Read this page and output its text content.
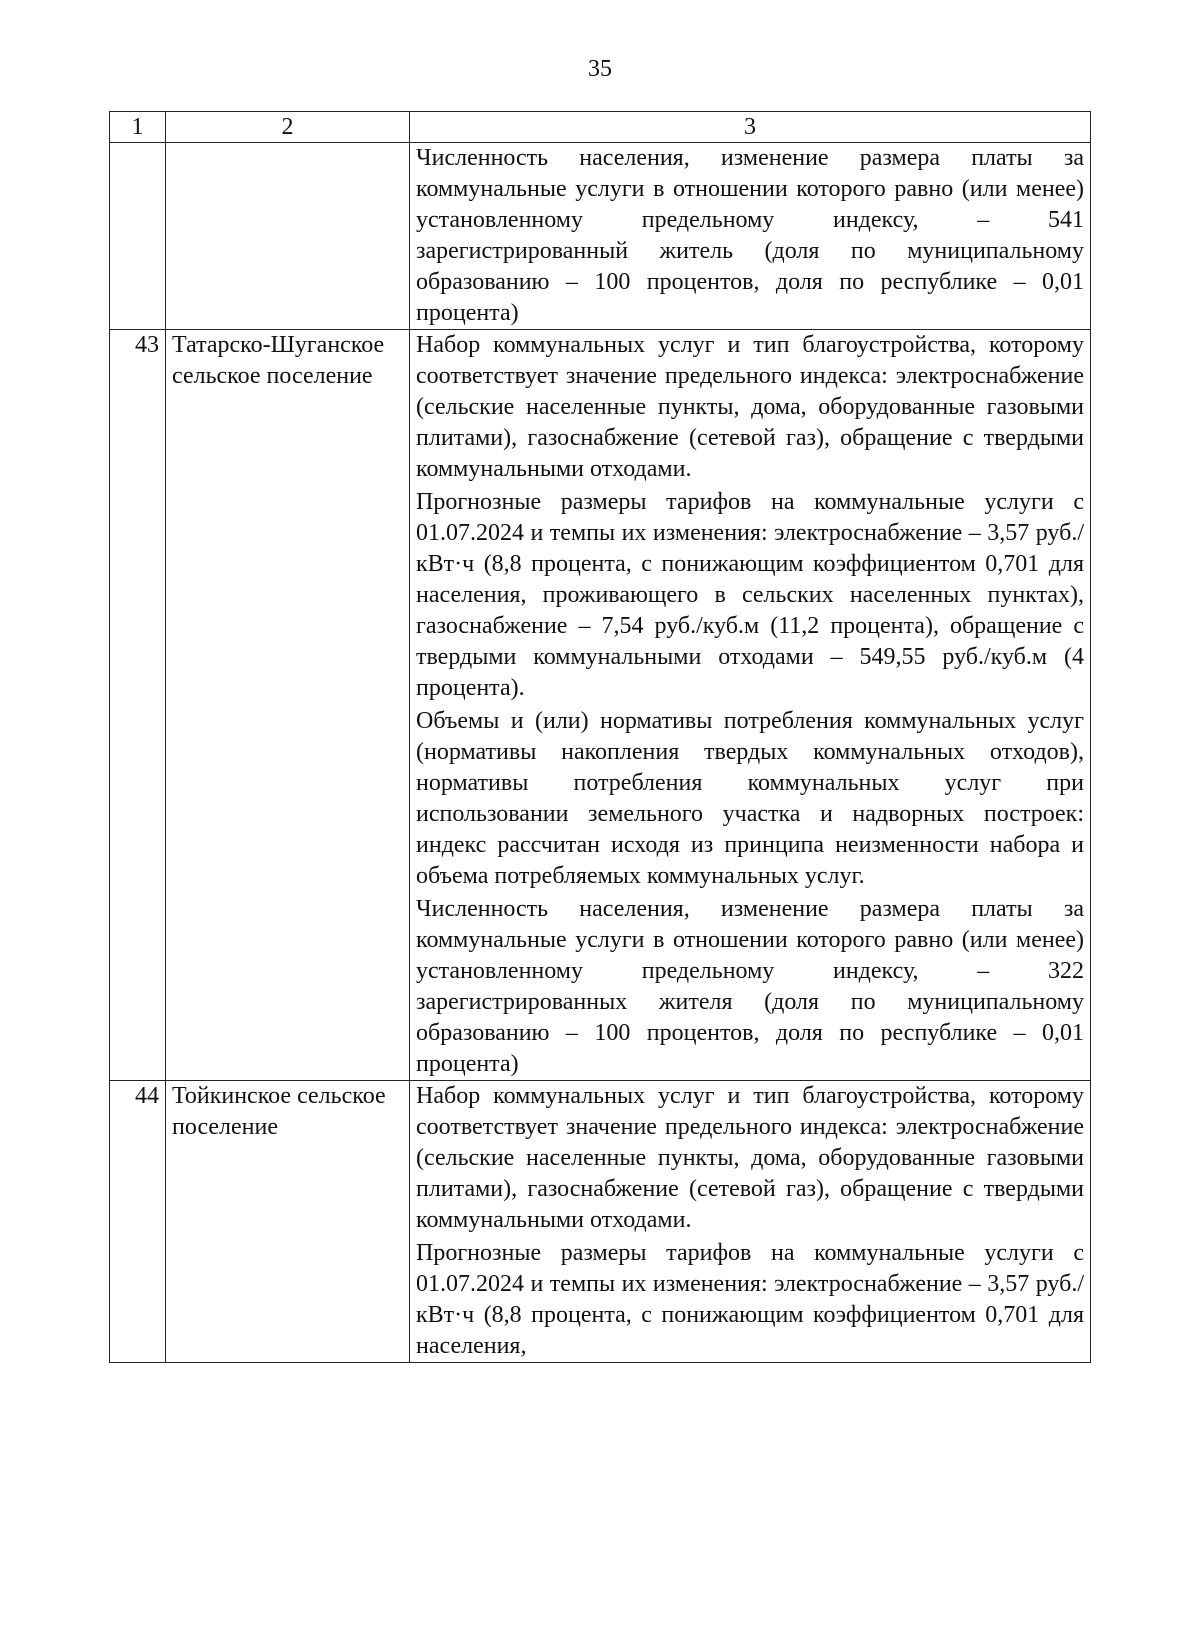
35
1	2	3

		Численность населения, изменение размера платы за коммунальные услуги в отношении которого равно (или менее) установленному предельному индексу, – 541 зарегистрированный житель (доля по муниципальному образованию – 100 процентов, доля по республике – 0,01 процента)

43	Татарско-Шуганское сельское поселение	Набор коммунальных услуг и тип благоустройства, которому соответствует значение предельного индекса: электроснабжение (сельские населенные пункты, дома, оборудованные газовыми плитами), газоснабжение (сетевой газ), обращение с твердыми коммунальными отходами.

Прогнозные размеры тарифов на коммунальные услуги с 01.07.2024 и темпы их изменения: электроснабжение – 3,57 руб./кВт·ч (8,8 процента, с понижающим коэффициентом 0,701 для населения, проживающего в сельских населенных пунктах), газоснабжение – 7,54 руб./куб.м (11,2 процента), обращение с твердыми коммунальными отходами – 549,55 руб./куб.м (4 процента).

Объемы и (или) нормативы потребления коммунальных услуг (нормативы накопления твердых коммунальных отходов), нормативы потребления коммунальных услуг при использовании земельного участка и надворных построек: индекс рассчитан исходя из принципа неизменности набора и объема потребляемых коммунальных услуг.

Численность населения, изменение размера платы за коммунальные услуги в отношении которого равно (или менее) установленному предельному индексу, – 322 зарегистрированных жителя (доля по муниципальному образованию – 100 процентов, доля по республике – 0,01 процента)

44	Тойкинское сельское поселение	Набор коммунальных услуг и тип благоустройства, которому соответствует значение предельного индекса: электроснабжение (сельские населенные пункты, дома, оборудованные газовыми плитами), газоснабжение (сетевой газ), обращение с твердыми коммунальными отходами.

Прогнозные размеры тарифов на коммунальные услуги с 01.07.2024 и темпы их изменения: электроснабжение – 3,57 руб./кВт·ч (8,8 процента, с понижающим коэффициентом 0,701 для населения,
